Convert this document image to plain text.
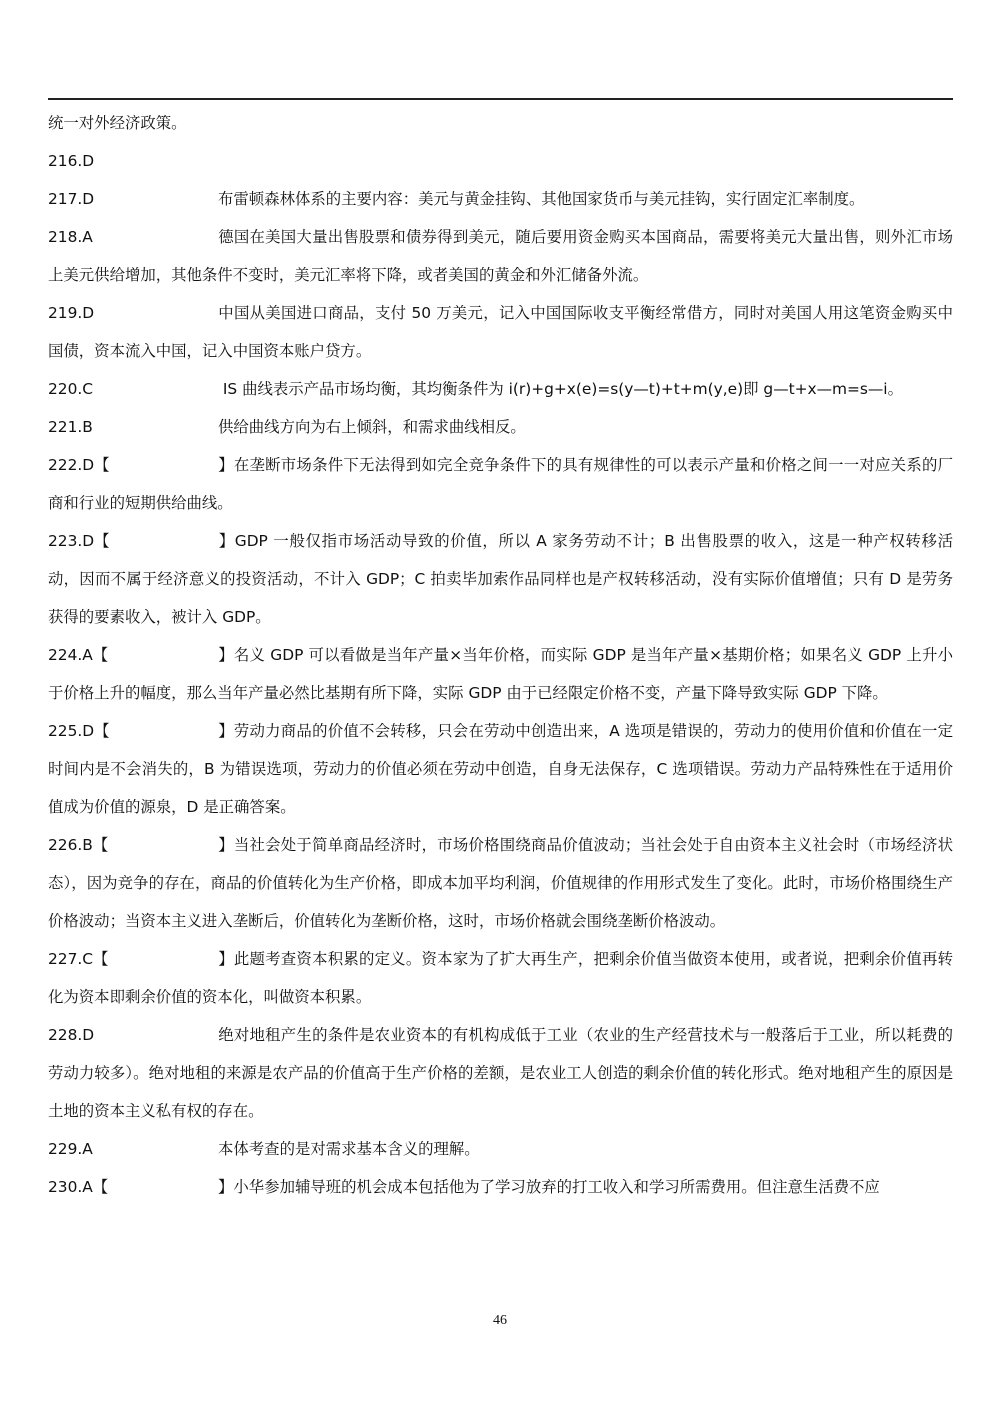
统一对外经济政策。
216.D
217.D	布雷顿森林体系的主要内容：美元与黄金挂钩、其他国家货币与美元挂钩，实行固定汇率制度。
218.A	德国在美国大量出售股票和债券得到美元，随后要用资金购买本国商品，需要将美元大量出售，则外汇市场上美元供给增加，其他条件不变时，美元汇率将下降，或者美国的黄金和外汇储备外流。
219.D	中国从美国进口商品，支付 50 万美元，记入中国国际收支平衡经常借方，同时对美国人用这笔资金购买中国债，资本流入中国，记入中国资本账户贷方。
220.C	IS 曲线表示产品市场均衡，其均衡条件为 i(r)+g+x(e)=s(y—t)+t+m(y,e)即 g—t+x—m=s—i。
221.B	供给曲线方向为右上倾斜，和需求曲线相反。
222.D【	】在垄断市场条件下无法得到如完全竞争条件下的具有规律性的可以表示产量和价格之间一一对应关系的厂商和行业的短期供给曲线。
223.D【	】GDP 一般仅指市场活动导致的价值，所以 A 家务劳动不计；B 出售股票的收入，这是一种产权转移活动，因而不属于经济意义的投资活动，不计入 GDP；C 拍卖毕加索作品同样也是产权转移活动，没有实际价值增值；只有 D 是劳务获得的要素收入，被计入 GDP。
224.A【	】名义 GDP 可以看做是当年产量×当年价格，而实际 GDP 是当年产量×基期价格；如果名义 GDP 上升小于价格上升的幅度，那么当年产量必然比基期有所下降，实际 GDP 由于已经限定价格不变，产量下降导致实际 GDP 下降。
225.D【	】劳动力商品的价值不会转移，只会在劳动中创造出来，A 选项是错误的，劳动力的使用价值和价值在一定时间内是不会消失的，B 为错误选项，劳动力的价值必须在劳动中创造，自身无法保存，C 选项错误。劳动力产品特殊性在于适用价值成为价值的源泉，D 是正确答案。
226.B【	】当社会处于简单商品经济时，市场价格围绕商品价值波动；当社会处于自由资本主义社会时（市场经济状态），因为竞争的存在，商品的价值转化为生产价格，即成本加平均利润，价值规律的作用形式发生了变化。此时，市场价格围绕生产价格波动；当资本主义进入垄断后，价值转化为垄断价格，这时，市场价格就会围绕垄断价格波动。
227.C【	】此题考查资本积累的定义。资本家为了扩大再生产，把剩余价值当做资本使用，或者说，把剩余价值再转化为资本即剩余价值的资本化，叫做资本积累。
228.D	绝对地租产生的条件是农业资本的有机构成低于工业（农业的生产经营技术与一般落后于工业，所以耗费的劳动力较多）。绝对地租的来源是农产品的价值高于生产价格的差额，是农业工人创造的剩余价值的转化形式。绝对地租产生的原因是土地的资本主义私有权的存在。
229.A	本体考查的是对需求基本含义的理解。
230.A【	】小华参加辅导班的机会成本包括他为了学习放弃的打工收入和学习所需费用。但注意生活费不应
46
